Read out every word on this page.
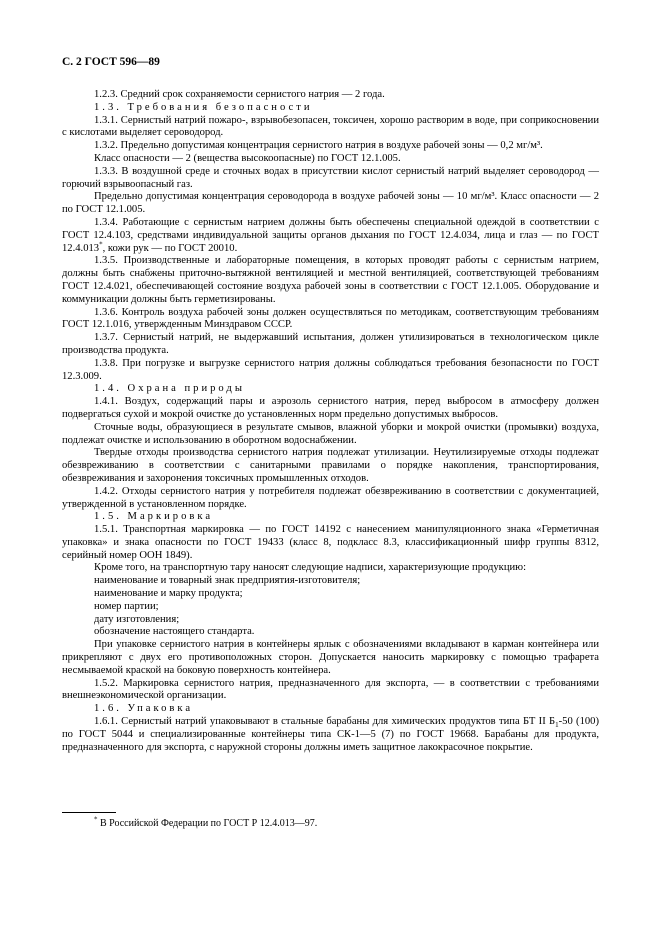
С. 2 ГОСТ 596—89

1.2.3. Средний срок сохраняемости сернистого натрия — 2 года.

1.3. Требования безопасности

1.3.1. Сернистый натрий пожаро-, взрывобезопасен, токсичен, хорошо растворим в воде, при соприкосновении с кислотами выделяет сероводород.

1.3.2. Предельно допустимая концентрация сернистого натрия в воздухе рабочей зоны — 0,2 мг/м³.

Класс опасности — 2 (вещества высокоопасные) по ГОСТ 12.1.005.

1.3.3. В воздушной среде и сточных водах в присутствии кислот сернистый натрий выделяет сероводород — горючий взрывоопасный газ.

Предельно допустимая концентрация сероводорода в воздухе рабочей зоны — 10 мг/м³. Класс опасности — 2 по ГОСТ 12.1.005.

1.3.4. Работающие с сернистым натрием должны быть обеспечены специальной одеждой в соответствии с ГОСТ 12.4.103, средствами индивидуальной защиты органов дыхания по ГОСТ 12.4.034, лица и глаз — по ГОСТ 12.4.013*, кожи рук — по ГОСТ 20010.

1.3.5. Производственные и лабораторные помещения, в которых проводят работы с сернистым натрием, должны быть снабжены приточно-вытяжной вентиляцией и местной вентиляцией, соответствующей требованиям ГОСТ 12.4.021, обеспечивающей состояние воздуха рабочей зоны в соответствии с ГОСТ 12.1.005. Оборудование и коммуникации должны быть герметизированы.

1.3.6. Контроль воздуха рабочей зоны должен осуществляться по методикам, соответствующим требованиям ГОСТ 12.1.016, утвержденным Минздравом СССР.

1.3.7. Сернистый натрий, не выдержавший испытания, должен утилизироваться в технологическом цикле производства продукта.

1.3.8. При погрузке и выгрузке сернистого натрия должны соблюдаться требования безопасности по ГОСТ 12.3.009.

1.4. Охрана природы

1.4.1. Воздух, содержащий пары и аэрозоль сернистого натрия, перед выбросом в атмосферу должен подвергаться сухой и мокрой очистке до установленных норм предельно допустимых выбросов.

Сточные воды, образующиеся в результате смывов, влажной уборки и мокрой очистки (промывки) воздуха, подлежат очистке и использованию в оборотном водоснабжении.

Твердые отходы производства сернистого натрия подлежат утилизации. Неутилизируемые отходы подлежат обезвреживанию в соответствии с санитарными правилами о порядке накопления, транспортирования, обезвреживания и захоронения токсичных промышленных отходов.

1.4.2. Отходы сернистого натрия у потребителя подлежат обезвреживанию в соответствии с документацией, утвержденной в установленном порядке.

1.5. Маркировка

1.5.1. Транспортная маркировка — по ГОСТ 14192 с нанесением манипуляционного знака «Герметичная упаковка» и знака опасности по ГОСТ 19433 (класс 8, подкласс 8.3, классификационный шифр группы 8312, серийный номер ООН 1849).

Кроме того, на транспортную тару наносят следующие надписи, характеризующие продукцию:

наименование и товарный знак предприятия-изготовителя;

наименование и марку продукта;

номер партии;

дату изготовления;

обозначение настоящего стандарта.

При упаковке сернистого натрия в контейнеры ярлык с обозначениями вкладывают в карман контейнера или прикрепляют с двух его противоположных сторон. Допускается наносить маркировку с помощью трафарета несмываемой краской на боковую поверхность контейнера.

1.5.2. Маркировка сернистого натрия, предназначенного для экспорта, — в соответствии с требованиями внешнеэкономической организации.

1.6. Упаковка

1.6.1. Сернистый натрий упаковывают в стальные барабаны для химических продуктов типа БТ II $Б_1-50$ (100) по ГОСТ 5044 и специализированные контейнеры типа СК-1—5 (7) по ГОСТ 19668. Барабаны для продукта, предназначенного для экспорта, с наружной стороны должны иметь защитное лакокрасочное покрытие.

* В Российской Федерации по ГОСТ Р 12.4.013—97.
